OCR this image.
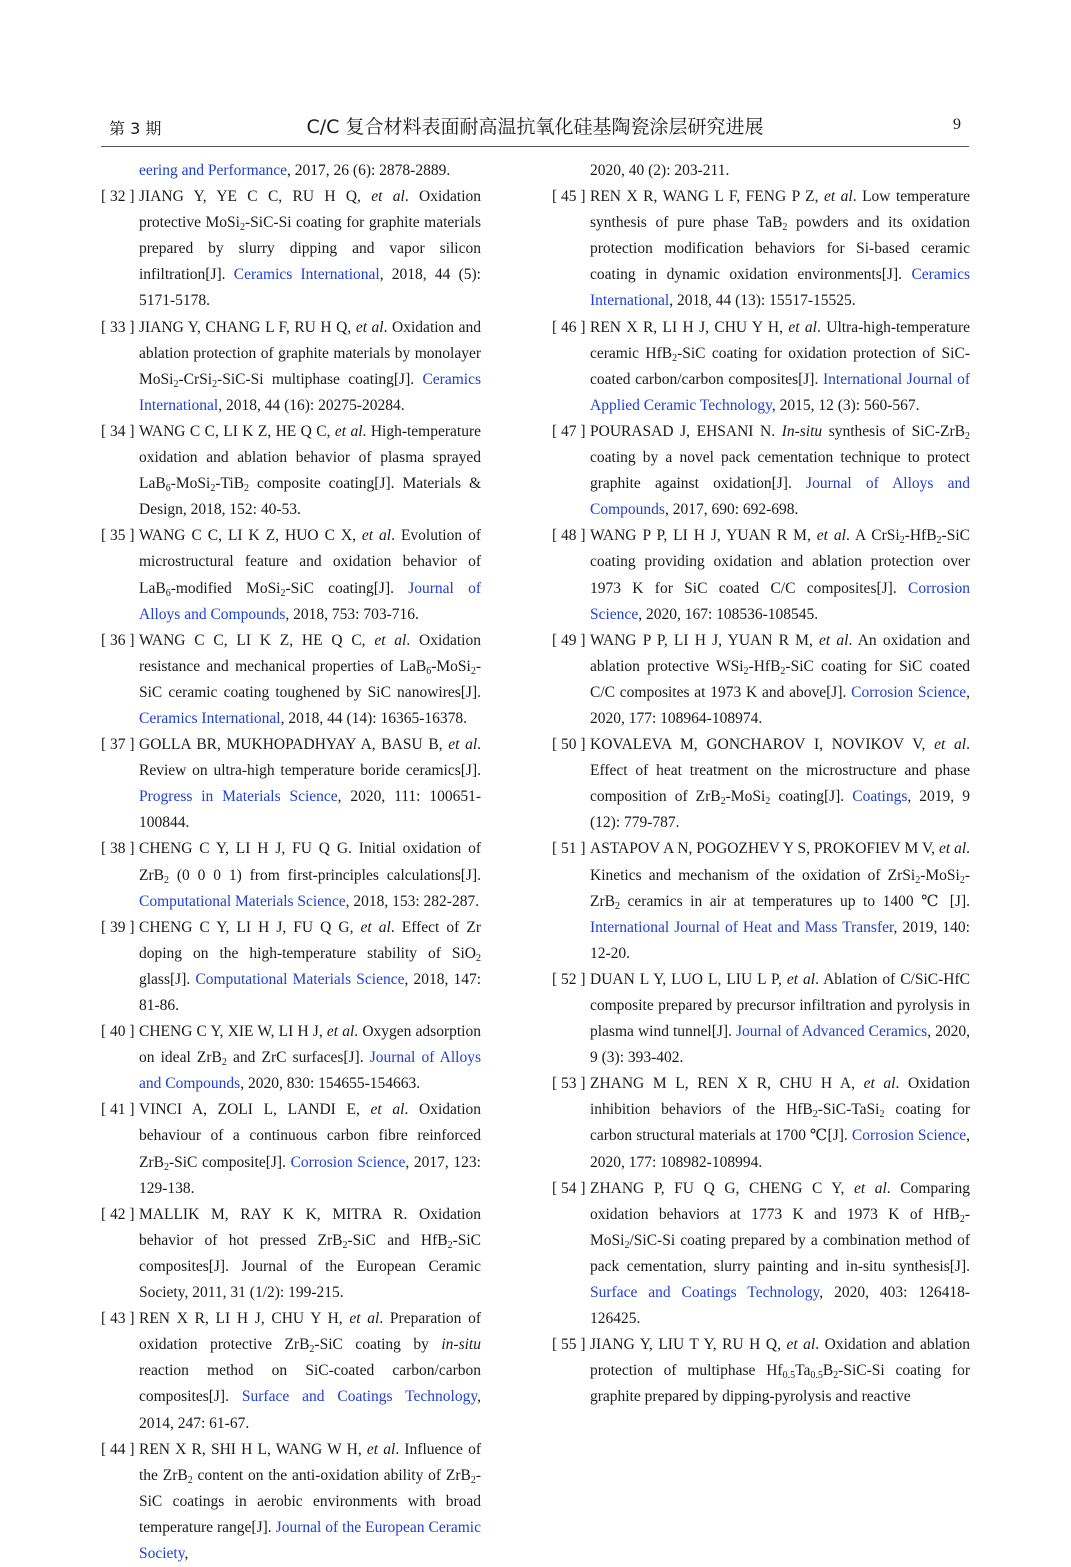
第 3 期	C/C 复合材料表面耐高温抗氧化硅基陶瓷涂层研究进展	9
eering and Performance, 2017, 26 (6): 2878-2889.
[ 32 ] JIANG Y, YE C C, RU H Q, et al. Oxidation protective MoSi$_2$-SiC-Si coating for graphite materials prepared by slurry dipping and vapor silicon infiltration[J]. Ceramics International, 2018, 44 (5): 5171-5178.
[ 33 ] JIANG Y, CHANG L F, RU H Q, et al. Oxidation and ablation protection of graphite materials by monolayer MoSi$_2$-CrSi$_2$-SiC-Si multiphase coating[J]. Ceramics International, 2018, 44 (16): 20275-20284.
[ 34 ] WANG C C, LI K Z, HE Q C, et al. High-temperature oxidation and ablation behavior of plasma sprayed LaB$_6$-MoSi$_2$-TiB$_2$ composite coating[J]. Materials & Design, 2018, 152: 40-53.
[ 35 ] WANG C C, LI K Z, HUO C X, et al. Evolution of microstructural feature and oxidation behavior of LaB$_6$-modified MoSi$_2$-SiC coating[J]. Journal of Alloys and Compounds, 2018, 753: 703-716.
[ 36 ] WANG C C, LI K Z, HE Q C, et al. Oxidation resistance and mechanical properties of LaB$_6$-MoSi$_2$-SiC ceramic coating toughened by SiC nanowires[J]. Ceramics International, 2018, 44 (14): 16365-16378.
[ 37 ] GOLLA BR, MUKHOPADHYAY A, BASU B, et al. Review on ultra-high temperature boride ceramics[J]. Progress in Materials Science, 2020, 111: 100651-100844.
[ 38 ] CHENG C Y, LI H J, FU Q G. Initial oxidation of ZrB$_2$ (0 0 0 1) from first-principles calculations[J]. Computational Materials Science, 2018, 153: 282-287.
[ 39 ] CHENG C Y, LI H J, FU Q G, et al. Effect of Zr doping on the high-temperature stability of SiO$_2$ glass[J]. Computational Materials Science, 2018, 147: 81-86.
[ 40 ] CHENG C Y, XIE W, LI H J, et al. Oxygen adsorption on ideal ZrB$_2$ and ZrC surfaces[J]. Journal of Alloys and Compounds, 2020, 830: 154655-154663.
[ 41 ] VINCI A, ZOLI L, LANDI E, et al. Oxidation behaviour of a continuous carbon fibre reinforced ZrB$_2$-SiC composite[J]. Corrosion Science, 2017, 123: 129-138.
[ 42 ] MALLIK M, RAY K K, MITRA R. Oxidation behavior of hot pressed ZrB$_2$-SiC and HfB$_2$-SiC composites[J]. Journal of the European Ceramic Society, 2011, 31 (1/2): 199-215.
[ 43 ] REN X R, LI H J, CHU Y H, et al. Preparation of oxidation protective ZrB$_2$-SiC coating by in-situ reaction method on SiC-coated carbon/carbon composites[J]. Surface and Coatings Technology, 2014, 247: 61-67.
[ 44 ] REN X R, SHI H L, WANG W H, et al. Influence of the ZrB$_2$ content on the anti-oxidation ability of ZrB$_2$-SiC coatings in aerobic environments with broad temperature range[J]. Journal of the European Ceramic Society,
2020, 40 (2): 203-211.
[ 45 ] REN X R, WANG L F, FENG P Z, et al. Low temperature synthesis of pure phase TaB$_2$ powders and its oxidation protection modification behaviors for Si-based ceramic coating in dynamic oxidation environments[J]. Ceramics International, 2018, 44 (13): 15517-15525.
[ 46 ] REN X R, LI H J, CHU Y H, et al. Ultra-high-temperature ceramic HfB$_2$-SiC coating for oxidation protection of SiC-coated carbon/carbon composites[J]. International Journal of Applied Ceramic Technology, 2015, 12 (3): 560-567.
[ 47 ] POURASAD J, EHSANI N. In-situ synthesis of SiC-ZrB$_2$ coating by a novel pack cementation technique to protect graphite against oxidation[J]. Journal of Alloys and Compounds, 2017, 690: 692-698.
[ 48 ] WANG P P, LI H J, YUAN R M, et al. A CrSi$_2$-HfB$_2$-SiC coating providing oxidation and ablation protection over 1973 K for SiC coated C/C composites[J]. Corrosion Science, 2020, 167: 108536-108545.
[ 49 ] WANG P P, LI H J, YUAN R M, et al. An oxidation and ablation protective WSi$_2$-HfB$_2$-SiC coating for SiC coated C/C composites at 1973 K and above[J]. Corrosion Science, 2020, 177: 108964-108974.
[ 50 ] KOVALEVA M, GONCHAROV I, NOVIKOV V, et al. Effect of heat treatment on the microstructure and phase composition of ZrB$_2$-MoSi$_2$ coating[J]. Coatings, 2019, 9 (12): 779-787.
[ 51 ] ASTAPOV A N, POGOZHEV Y S, PROKOFIEV M V, et al. Kinetics and mechanism of the oxidation of ZrSi$_2$-MoSi$_2$-ZrB$_2$ ceramics in air at temperatures up to 1400 ℃ [J]. International Journal of Heat and Mass Transfer, 2019, 140: 12-20.
[ 52 ] DUAN L Y, LUO L, LIU L P, et al. Ablation of C/SiC-HfC composite prepared by precursor infiltration and pyrolysis in plasma wind tunnel[J]. Journal of Advanced Ceramics, 2020, 9 (3): 393-402.
[ 53 ] ZHANG M L, REN X R, CHU H A, et al. Oxidation inhibition behaviors of the HfB$_2$-SiC-TaSi$_2$ coating for carbon structural materials at 1700 ℃[J]. Corrosion Science, 2020, 177: 108982-108994.
[ 54 ] ZHANG P, FU Q G, CHENG C Y, et al. Comparing oxidation behaviors at 1773 K and 1973 K of HfB$_2$-MoSi$_2$/SiC-Si coating prepared by a combination method of pack cementation, slurry painting and in-situ synthesis[J]. Surface and Coatings Technology, 2020, 403: 126418-126425.
[ 55 ] JIANG Y, LIU T Y, RU H Q, et al. Oxidation and ablation protection of multiphase $Hf_{0.5}Ta_{0.5}B_2-SiC-Si$ coating for graphite prepared by dipping-pyrolysis and reactive
